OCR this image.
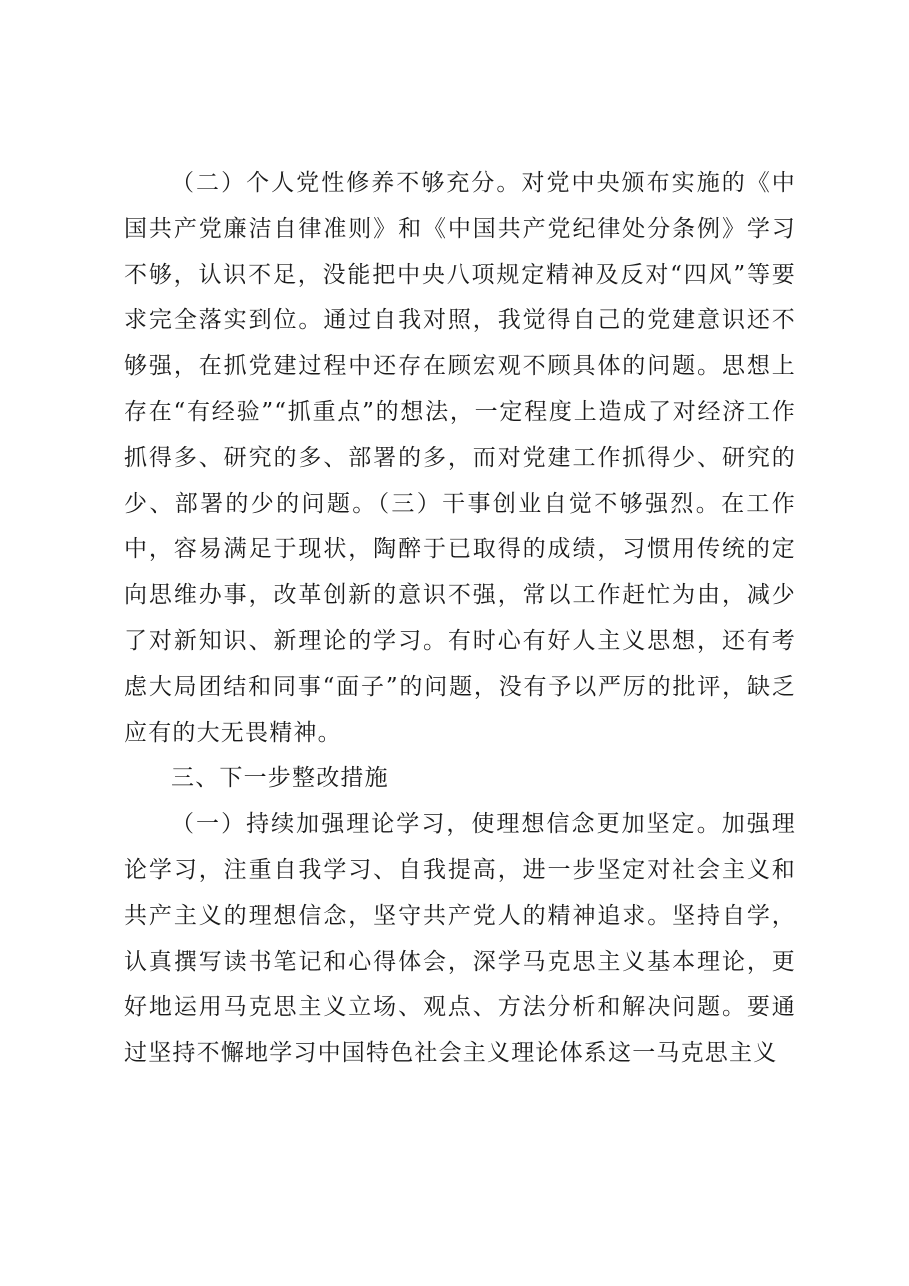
（二）个人党性修养不够充分。对党中央颁布实施的《中国共产党廉洁自律准则》和《中国共产党纪律处分条例》学习不够，认识不足，没能把中央八项规定精神及反对“四风”等要求完全落实到位。通过自我对照，我觉得自己的党建意识还不够强，在抓党建过程中还存在顾宏观不顾具体的问题。思想上存在“有经验”“抓重点”的想法，一定程度上造成了对经济工作抓得多、研究的多、部署的多，而对党建工作抓得少、研究的少、部署的少的问题。（三）干事创业自觉不够强烈。在工作中，容易满足于现状，陶醉于已取得的成绩，习惯用传统的定向思维办事，改革创新的意识不强，常以工作赶忙为由，减少了对新知识、新理论的学习。有时心有好人主义思想，还有考虑大局团结和同事“面子”的问题，没有予以严厉的批评，缺乏应有的大无畏精神。

三、下一步整改措施

（一）持续加强理论学习，使理想信念更加坚定。加强理论学习，注重自我学习、自我提高，进一步坚定对社会主义和共产主义的理想信念，坚守共产党人的精神追求。坚持自学，认真撰写读书笔记和心得体会，深学马克思主义基本理论，更好地运用马克思主义立场、观点、方法分析和解决问题。要通过坚持不懈地学习中国特色社会主义理论体系这一马克思主义
